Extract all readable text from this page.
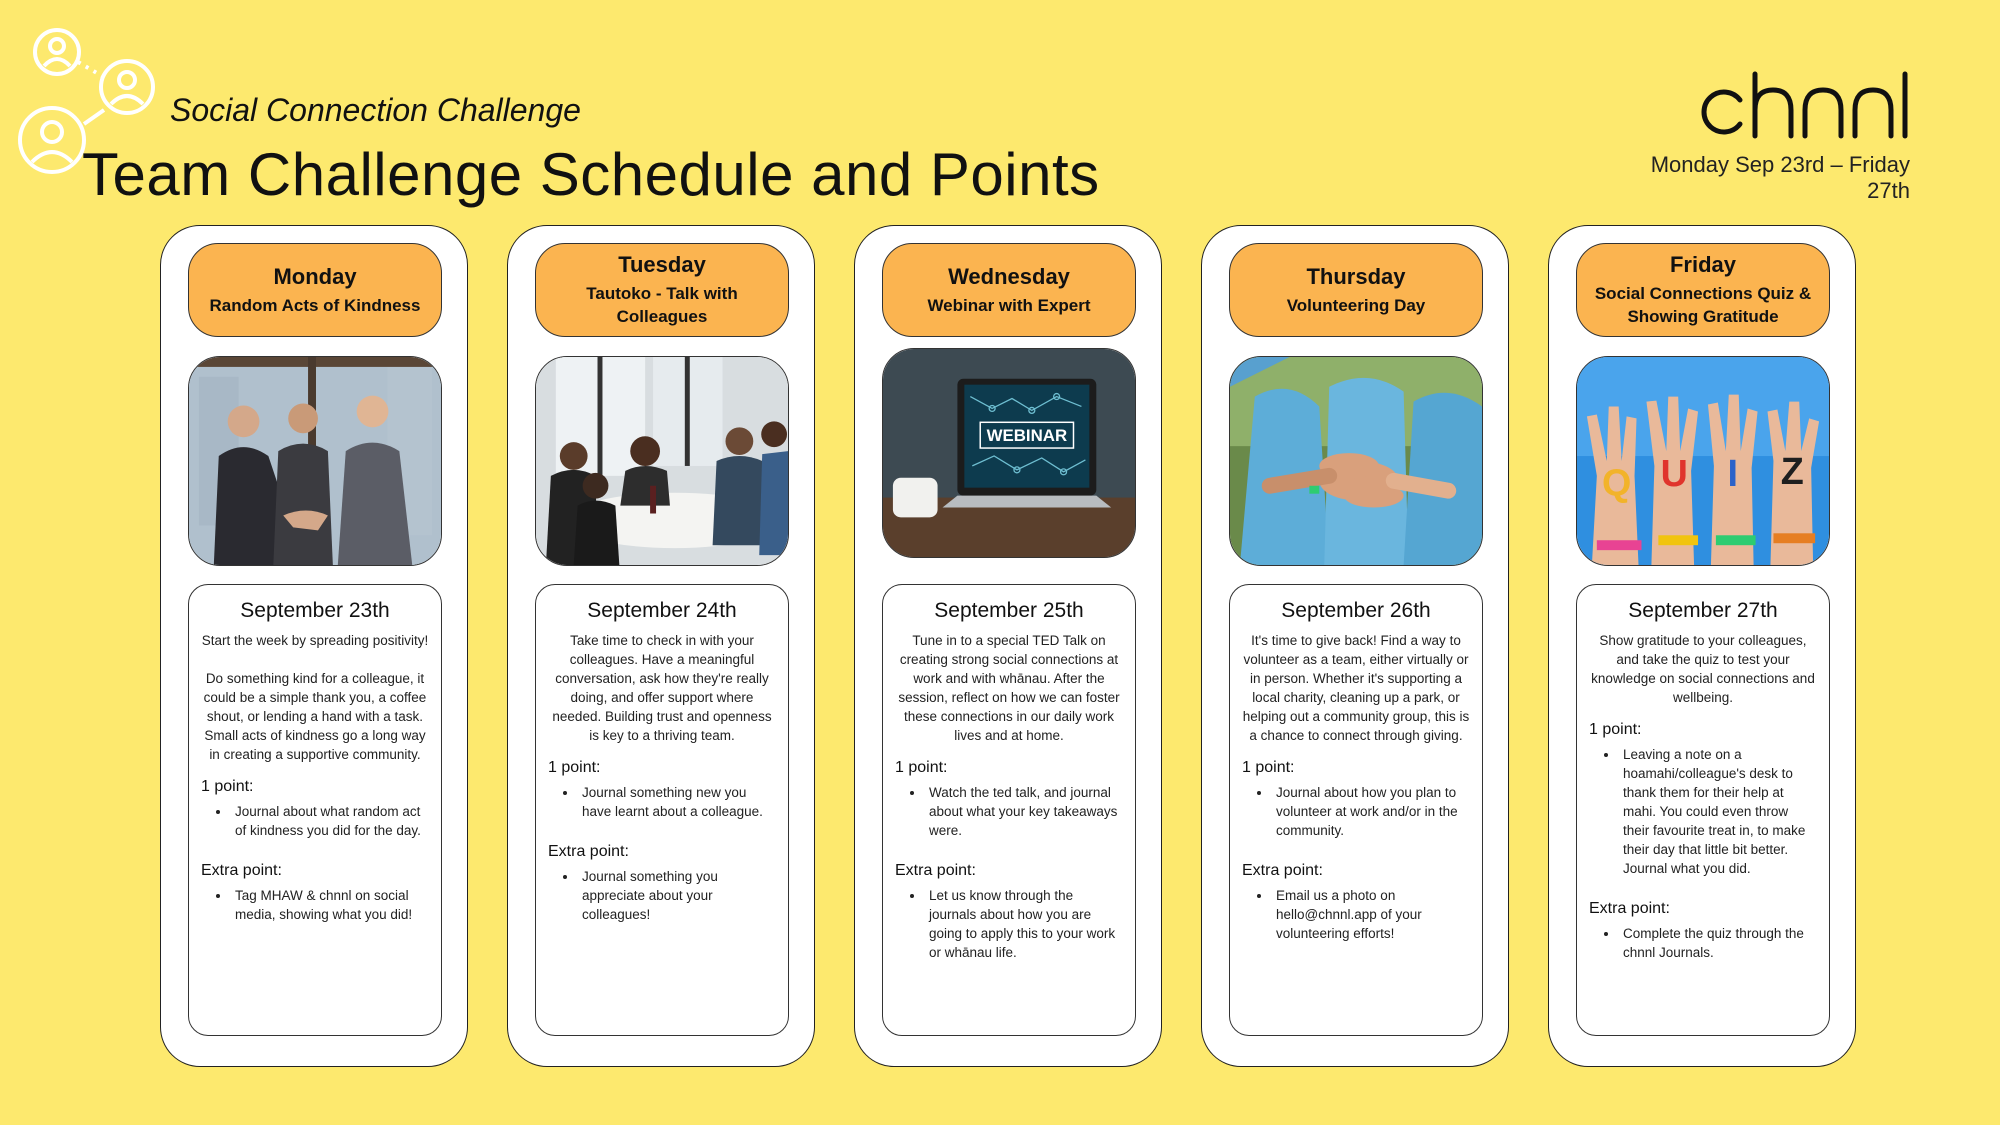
Social Connection Challenge
Team Challenge Schedule and Points	Monday Sep 23rd – Friday 27th
Monday
Random Acts of Kindness
September 23th
Start the week by spreading positivity!

Do something kind for a colleague, it could be a simple thank you, a coffee shout, or lending a hand with a task. Small acts of kindness go a long way in creating a supportive community.
1 point:
• Journal about what random act of kindness you did for the day.
Extra point:
• Tag MHAW & chnnl on social media, showing what you did!
Tuesday
Tautoko - Talk with Colleagues
September 24th
Take time to check in with your colleagues. Have a meaningful conversation, ask how they're really doing, and offer support where needed. Building trust and openness is key to a thriving team.
1 point:
• Journal something new you have learnt about a colleague.
Extra point:
• Journal something you appreciate about your colleagues!
Wednesday
Webinar with Expert
WEBINAR
September 25th
Tune in to a special TED Talk on creating strong social connections at work and with whānau. After the session, reflect on how we can foster these connections in our daily work lives and at home.
1 point:
• Watch the ted talk, and journal about what your key takeaways were.
Extra point:
• Let us know through the journals about how you are going to apply this to your work or whānau life.
Thursday
Volunteering Day
September 26th
It's time to give back! Find a way to volunteer as a team, either virtually or in person. Whether it's supporting a local charity, cleaning up a park, or helping out a community group, this is a chance to connect through giving.
1 point:
• Journal about how you plan to volunteer at work and/or in the community.
Extra point:
• Email us a photo on hello@chnnl.app of your volunteering efforts!
Friday
Social Connections Quiz & Showing Gratitude
Q U I Z
September 27th
Show gratitude to your colleagues, and take the quiz to test your knowledge on social connections and wellbeing.
1 point:
• Leaving a note on a hoamahi/colleague's desk to thank them for their help at mahi. You could even throw their favourite treat in, to make their day that little bit better. Journal what you did.
Extra point:
• Complete the quiz through the chnnl Journals.
